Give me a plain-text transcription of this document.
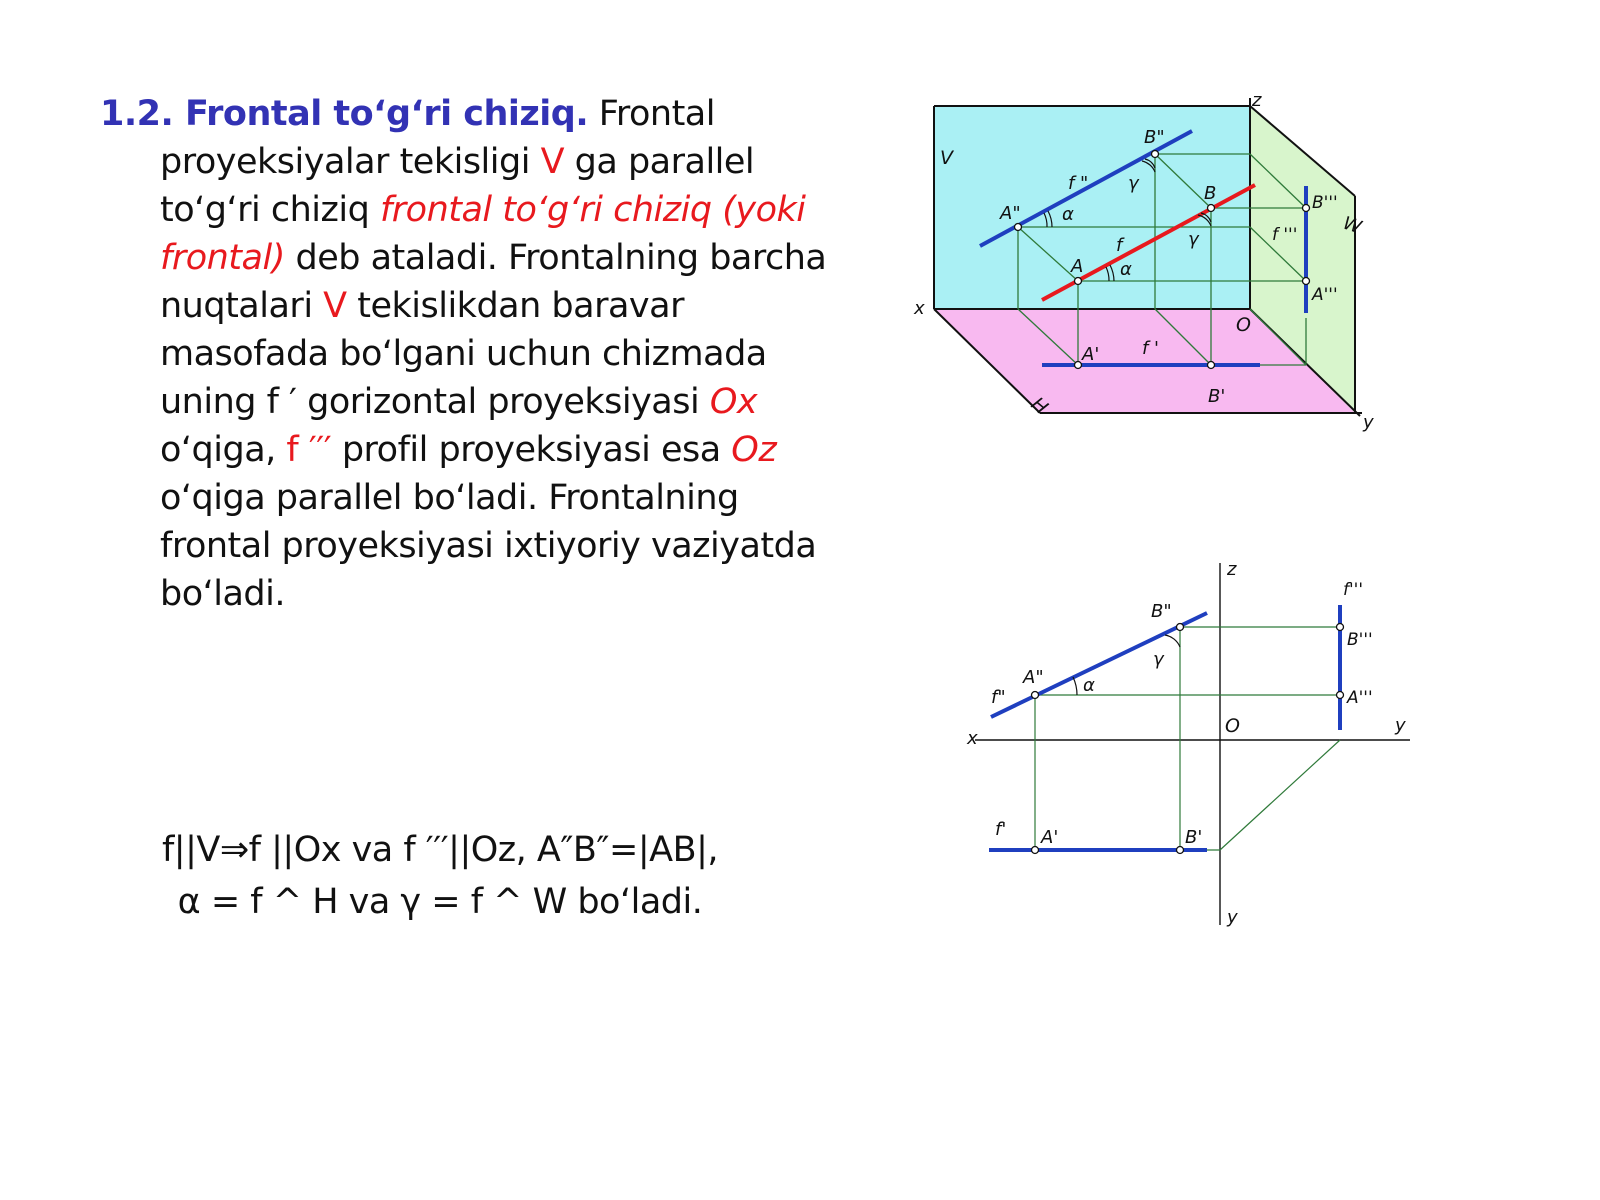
1.2. Frontal to‘g‘ri chiziq. Frontal proyeksiyalar tekisligi V ga parallel to‘g‘ri chiziq frontal to‘g‘ri chiziq (yoki frontal) deb ataladi. Frontalning barcha nuqtalari V tekislikdan baravar masofada bo‘lgani uchun chizmada uning f ′ gorizontal proyeksiyasi Ox o‘qiga, f ′′′ profil proyeksiyasi esa Oz o‘qiga parallel bo‘ladi. Frontalning frontal proyeksiyasi ixtiyoriy vaziyatda bo‘ladi.

f||V⇒f ||Ox va f ′′′||Oz, A″B″=|AB|,
α = f ^ H va γ = f ^ W bo‘ladi.
z
V
x
W
H
y
O
B"
A"
f " γ
α
B
A
f	γ
α
f '''
B'''
A'''
A' f '
B'
z
x
y
y
O
B"
A"
f"
α
γ
f'''
B'''
A'''
f' A'	B'
